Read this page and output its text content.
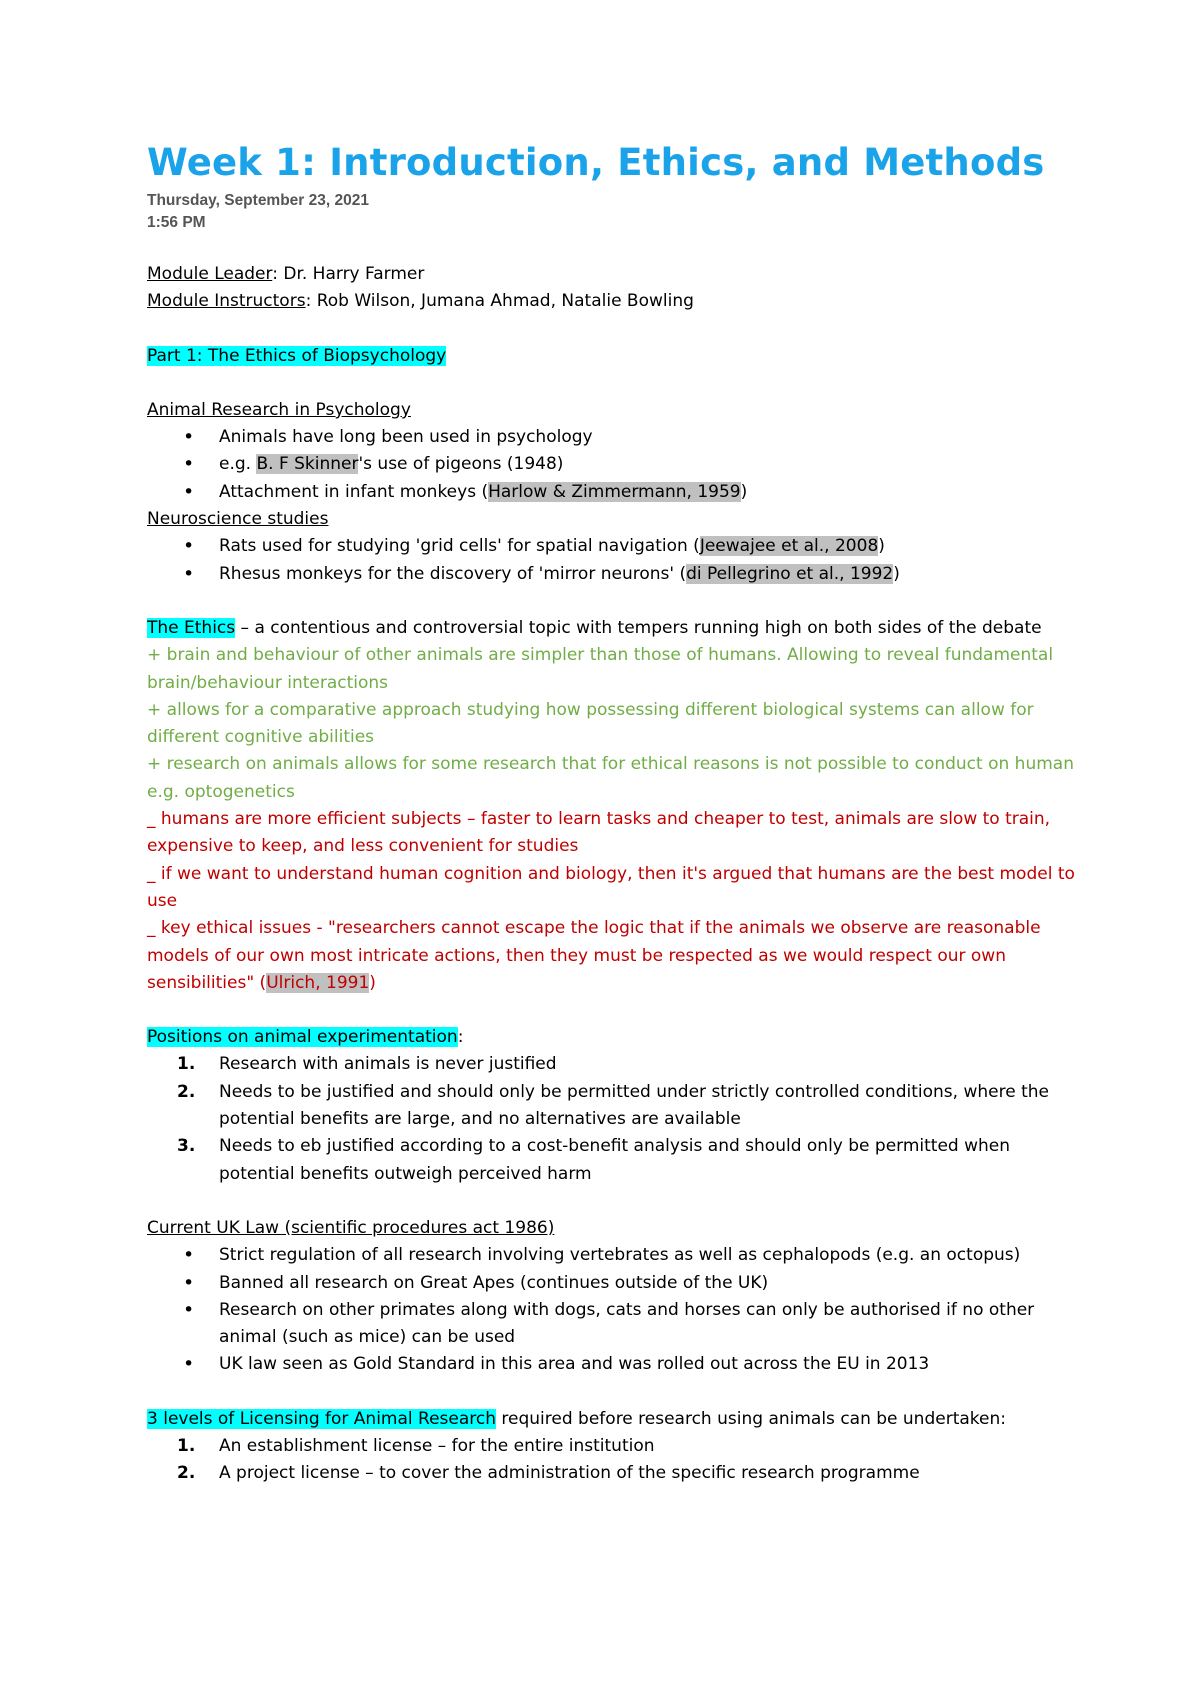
Week 1: Introduction, Ethics, and Methods
Thursday, September 23, 2021
1:56 PM

Module Leader: Dr. Harry Farmer

Module Instructors: Rob Wilson, Jumana Ahmad, Natalie Bowling

Part 1: The Ethics of Biopsychology

Animal Research in Psychology

• Animals have long been used in psychology
• e.g. B. F Skinner's use of pigeons (1948)
• Attachment in infant monkeys (Harlow & Zimmermann, 1959)

Neuroscience studies

• Rats used for studying 'grid cells' for spatial navigation (Jeewajee et al., 2008)
• Rhesus monkeys for the discovery of 'mirror neurons' (di Pellegrino et al., 1992)

The Ethics – a contentious and controversial topic with tempers running high on both sides of the debate

+ brain and behaviour of other animals are simpler than those of humans. Allowing to reveal fundamental brain/behaviour interactions

+ allows for a comparative approach studying how possessing different biological systems can allow for different cognitive abilities

+ research on animals allows for some research that for ethical reasons is not possible to conduct on human e.g. optogenetics

_ humans are more efficient subjects – faster to learn tasks and cheaper to test, animals are slow to train, expensive to keep, and less convenient for studies

_ if we want to understand human cognition and biology, then it's argued that humans are the best model to use

_ key ethical issues - "researchers cannot escape the logic that if the animals we observe are reasonable models of our own most intricate actions, then they must be respected as we would respect our own sensibilities" (Ulrich, 1991)

Positions on animal experimentation:

1. Research with animals is never justified
2. Needs to be justified and should only be permitted under strictly controlled conditions, where the potential benefits are large, and no alternatives are available
3. Needs to eb justified according to a cost-benefit analysis and should only be permitted when potential benefits outweigh perceived harm

Current UK Law (scientific procedures act 1986)

• Strict regulation of all research involving vertebrates as well as cephalopods (e.g. an octopus)
• Banned all research on Great Apes (continues outside of the UK)
• Research on other primates along with dogs, cats and horses can only be authorised if no other animal (such as mice) can be used
• UK law seen as Gold Standard in this area and was rolled out across the EU in 2013

3 levels of Licensing for Animal Research required before research using animals can be undertaken:

1. An establishment license – for the entire institution
2. A project license – to cover the administration of the specific research programme
